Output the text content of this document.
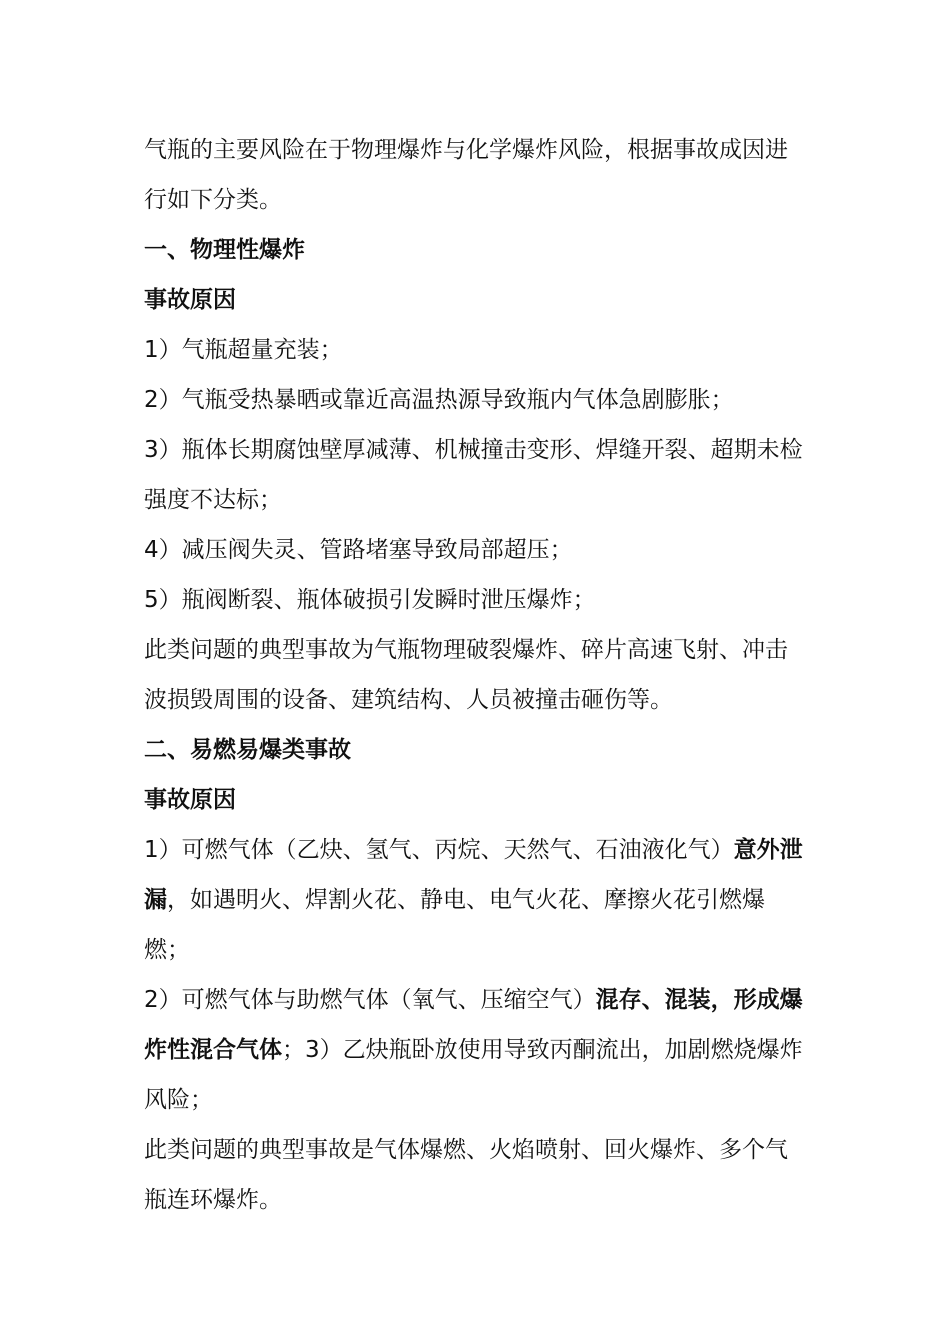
气瓶的主要风险在于物理爆炸与化学爆炸风险，根据事故成因进行如下分类。

一、物理性爆炸

事故原因

1）气瓶超量充装；

2）气瓶受热暴晒或靠近高温热源导致瓶内气体急剧膨胀；

3）瓶体长期腐蚀壁厚减薄、机械撞击变形、焊缝开裂、超期未检强度不达标；

4）减压阀失灵、管路堵塞导致局部超压；

5）瓶阀断裂、瓶体破损引发瞬时泄压爆炸；

此类问题的典型事故为气瓶物理破裂爆炸、碎片高速飞射、冲击波损毁周围的设备、建筑结构、人员被撞击砸伤等。

二、易燃易爆类事故

事故原因

1）可燃气体（乙炔、氢气、丙烷、天然气、石油液化气）意外泄漏，如遇明火、焊割火花、静电、电气火花、摩擦火花引燃爆燃；

2）可燃气体与助燃气体（氧气、压缩空气）混存、混装，形成爆炸性混合气体；3）乙炔瓶卧放使用导致丙酮流出，加剧燃烧爆炸风险；

此类问题的典型事故是气体爆燃、火焰喷射、回火爆炸、多个气瓶连环爆炸。
